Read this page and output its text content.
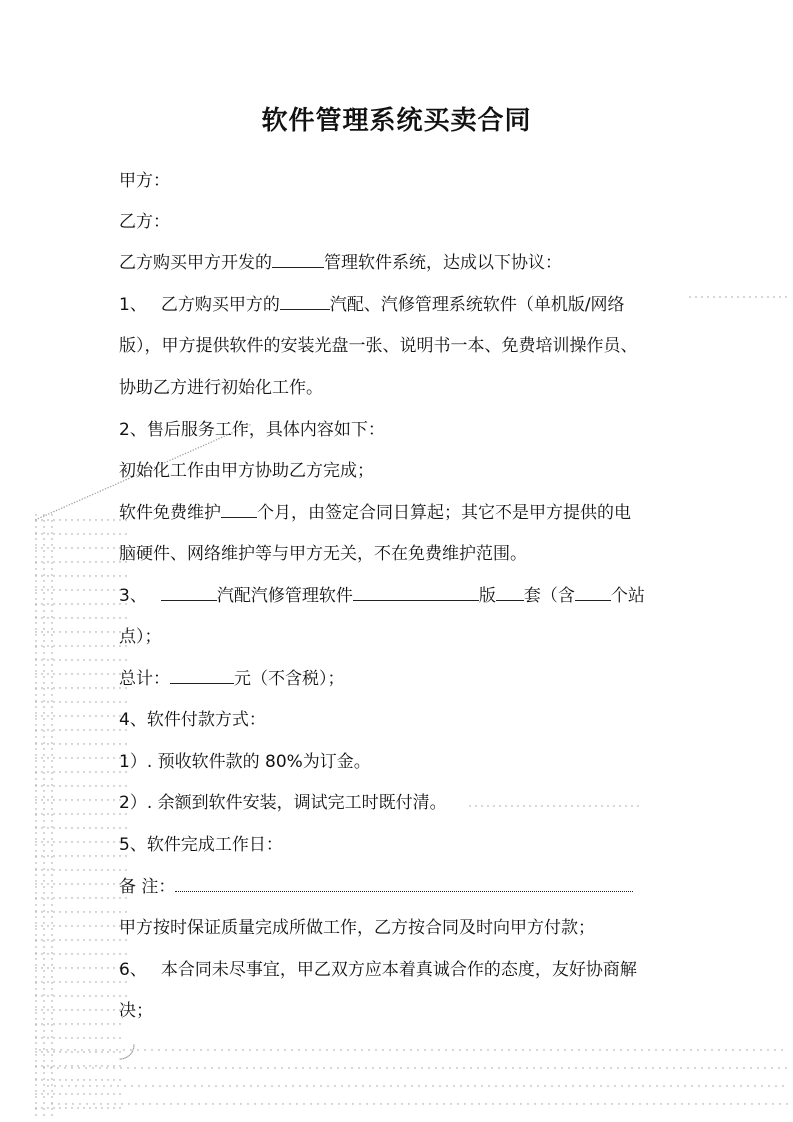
软件管理系统买卖合同
甲方：
乙方：
乙方购买甲方开发的	管理软件系统，达成以下协议：
1、 乙方购买甲方的	汽配、汽修管理系统软件（单机版/网络
版），甲方提供软件的安装光盘一张、说明书一本、免费培训操作员、
协助乙方进行初始化工作。
2、售后服务工作，具体内容如下：
初始化工作由甲方协助乙方完成；
软件免费维护 个月，由签定合同日算起；其它不是甲方提供的电
脑硬件、网络维护等与甲方无关，不在免费维护范围。
3、	汽配汽修管理软件	版 套（含 个站
点）；
总计：	元（不含税）；
4、软件付款方式：
1）. 预收软件款的 80%为订金。
2）. 余额到软件安装，调试完工时既付清。
5、软件完成工作日：
备 注：
甲方按时保证质量完成所做工作，乙方按合同及时向甲方付款；
6、 本合同未尽事宜，甲乙双方应本着真诚合作的态度，友好协商解
决；
